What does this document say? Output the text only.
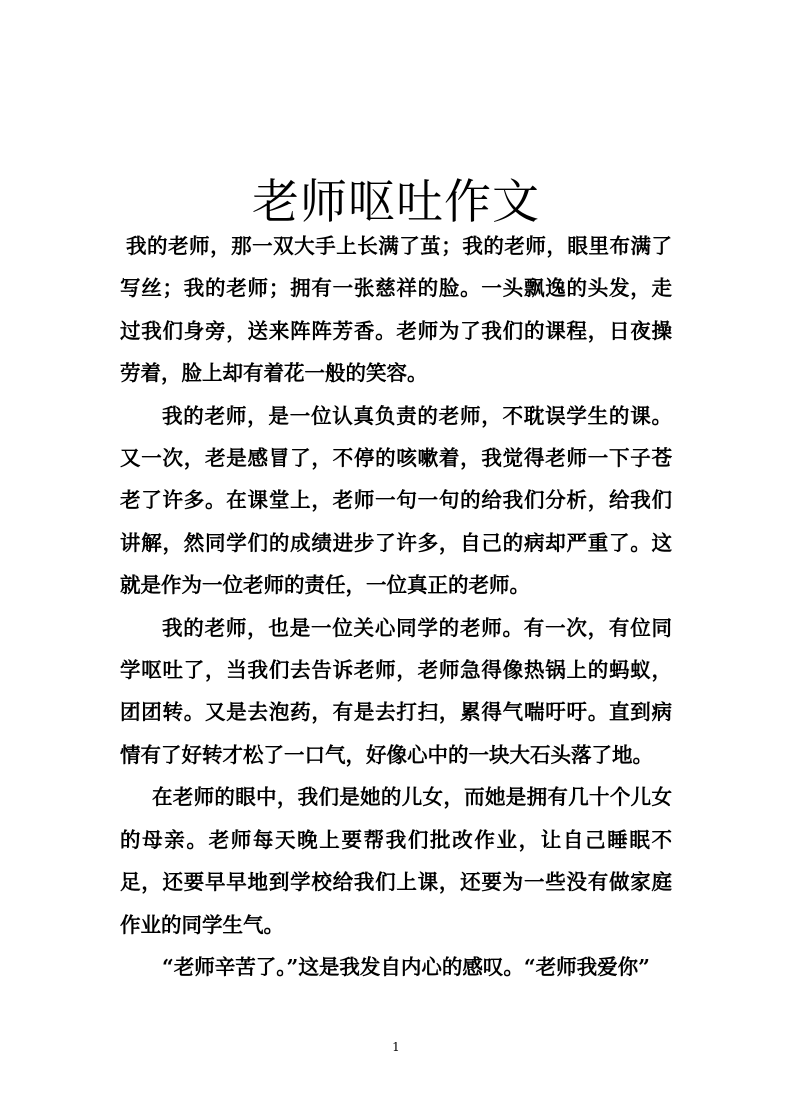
老师呕吐作文

我的老师，那一双大手上长满了茧；我的老师，眼里布满了写丝；我的老师；拥有一张慈祥的脸。一头飘逸的头发，走过我们身旁，送来阵阵芳香。老师为了我们的课程，日夜操劳着，脸上却有着花一般的笑容。

我的老师，是一位认真负责的老师，不耽误学生的课。又一次，老是感冒了，不停的咳嗽着，我觉得老师一下子苍老了许多。在课堂上，老师一句一句的给我们分析，给我们讲解，然同学们的成绩进步了许多，自己的病却严重了。这就是作为一位老师的责任，一位真正的老师。

我的老师，也是一位关心同学的老师。有一次，有位同学呕吐了，当我们去告诉老师，老师急得像热锅上的蚂蚁，团团转。又是去泡药，有是去打扫，累得气喘吁吁。直到病情有了好转才松了一口气，好像心中的一块大石头落了地。

在老师的眼中，我们是她的儿女，而她是拥有几十个儿女的母亲。老师每天晚上要帮我们批改作业，让自己睡眠不足，还要早早地到学校给我们上课，还要为一些没有做家庭作业的同学生气。

“老师辛苦了。”这是我发自内心的感叹。“老师我爱你”

1
